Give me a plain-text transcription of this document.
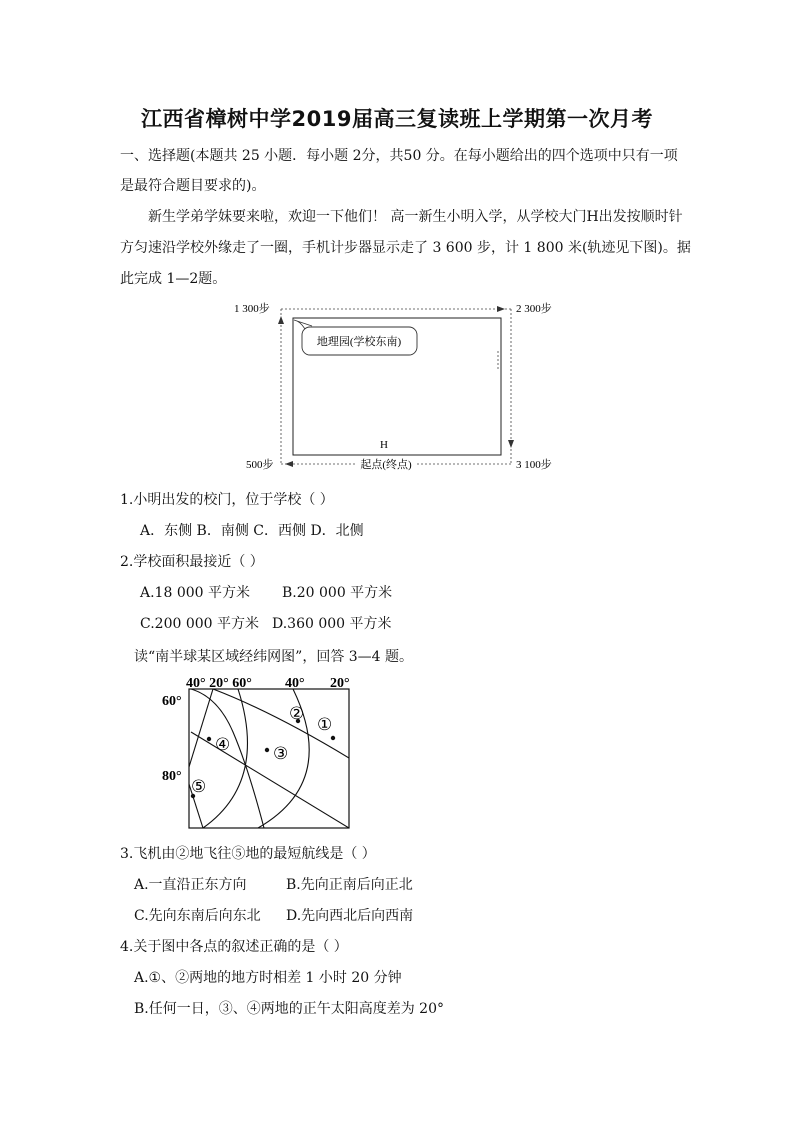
江西省樟树中学2019届高三复读班上学期第一次月考
一、选择题(本题共 25 小题．每小题 2分，共50 分。在每小题给出的四个选项中只有一项
是最符合题目要求的)。
新生学弟学妹要来啦，欢迎一下他们！ 高一新生小明入学，从学校大门H出发按顺时针
方匀速沿学校外缘走了一圈，手机计步器显示走了 3 600 步，计 1 800 米(轨迹见下图)。据
此完成 1—2题。
地理园(学校东南)
1 300步	2 300步
500步	3 100步
H
起点(终点)
1.小明出发的校门，位于学校（ ）
A．东侧 B．南侧 C．西侧 D．北侧
2.学校面积最接近（ ）
A.18 000 平方米 B.20 000 平方米
C.200 000 平方米 D.360 000 平方米
读“南半球某区域经纬网图”，回答 3—4 题。
40° 20° 60° 40° 20°
60°
80°
①
②
③
④
⑤
3.飞机由②地飞往⑤地的最短航线是（ ）
A.一直沿正东方向	B.先向正南后向正北
C.先向东南后向东北 D.先向西北后向西南
4.关于图中各点的叙述正确的是（ ）
A.①、②两地的地方时相差 1 小时 20 分钟
B.任何一日，③、④两地的正午太阳高度差为 20°
